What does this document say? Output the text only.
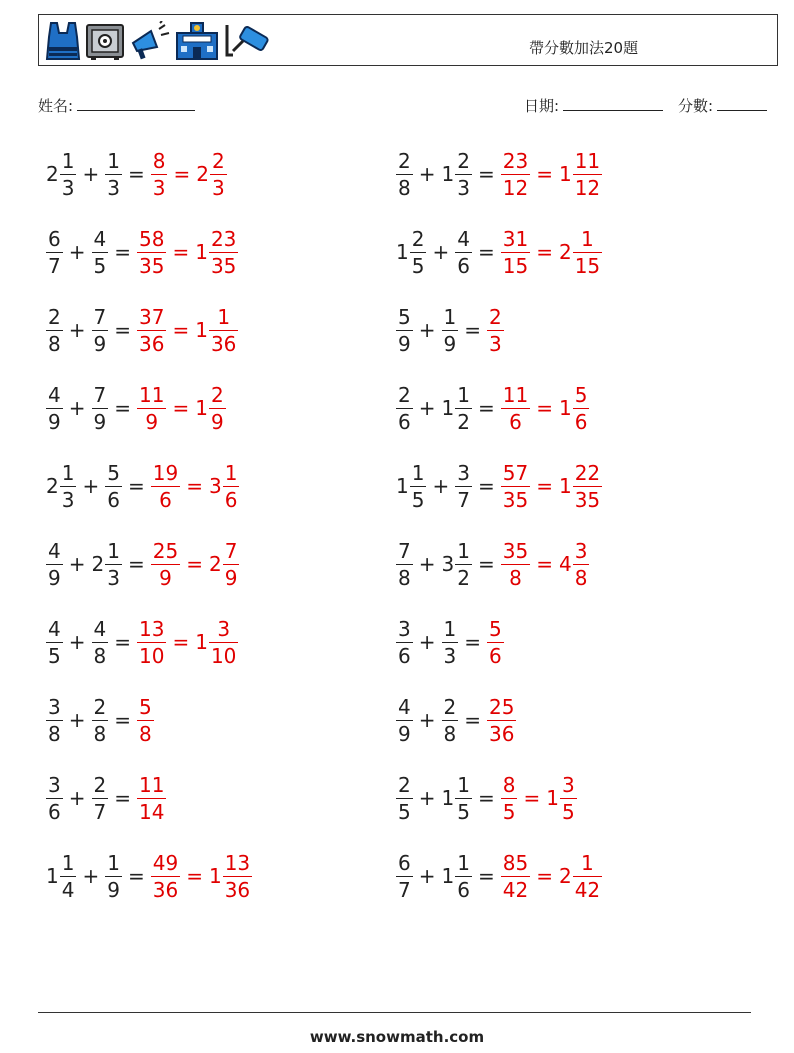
帶分數加法20題
姓名:	日期:	分數:
$2 \frac{1}{3} + \frac{1}{3} = \frac{8}{3} = 2 \frac{2}{3}$	$\frac{2}{8} + 1 \frac{2}{3} = \frac{23}{12} = 1 \frac{11}{12}$
$\frac{6}{7} + \frac{4}{5} = \frac{58}{35} = 1 \frac{23}{35}$	$1 \frac{2}{5} + \frac{4}{6} = \frac{31}{15} = 2 \frac{1}{15}$
$\frac{2}{8} + \frac{7}{9} = \frac{37}{36} = 1 \frac{1}{36}$	$\frac{5}{9} + \frac{1}{9} = \frac{2}{3}$
$\frac{4}{9} + \frac{7}{9} = \frac{11}{9} = 1 \frac{2}{9}$	$\frac{2}{6} + 1 \frac{1}{2} = \frac{11}{6} = 1 \frac{5}{6}$
$2 \frac{1}{3} + \frac{5}{6} = \frac{19}{6} = 3 \frac{1}{6}$	$1 \frac{1}{5} + \frac{3}{7} = \frac{57}{35} = 1 \frac{22}{35}$
$\frac{4}{9} + 2 \frac{1}{3} = \frac{25}{9} = 2 \frac{7}{9}$	$\frac{7}{8} + 3 \frac{1}{2} = \frac{35}{8} = 4 \frac{3}{8}$
$\frac{4}{5} + \frac{4}{8} = \frac{13}{10} = 1 \frac{3}{10}$	$\frac{3}{6} + \frac{1}{3} = \frac{5}{6}$
$\frac{3}{8} + \frac{2}{8} = \frac{5}{8}$	$\frac{4}{9} + \frac{2}{8} = \frac{25}{36}$
$\frac{3}{6} + \frac{2}{7} = \frac{11}{14}$	$\frac{2}{5} + 1 \frac{1}{5} = \frac{8}{5} = 1 \frac{3}{5}$
$1 \frac{1}{4} + \frac{1}{9} = \frac{49}{36} = 1 \frac{13}{36}$	$\frac{6}{7} + 1 \frac{1}{6} = \frac{85}{42} = 2 \frac{1}{42}$
www.snowmath.com
